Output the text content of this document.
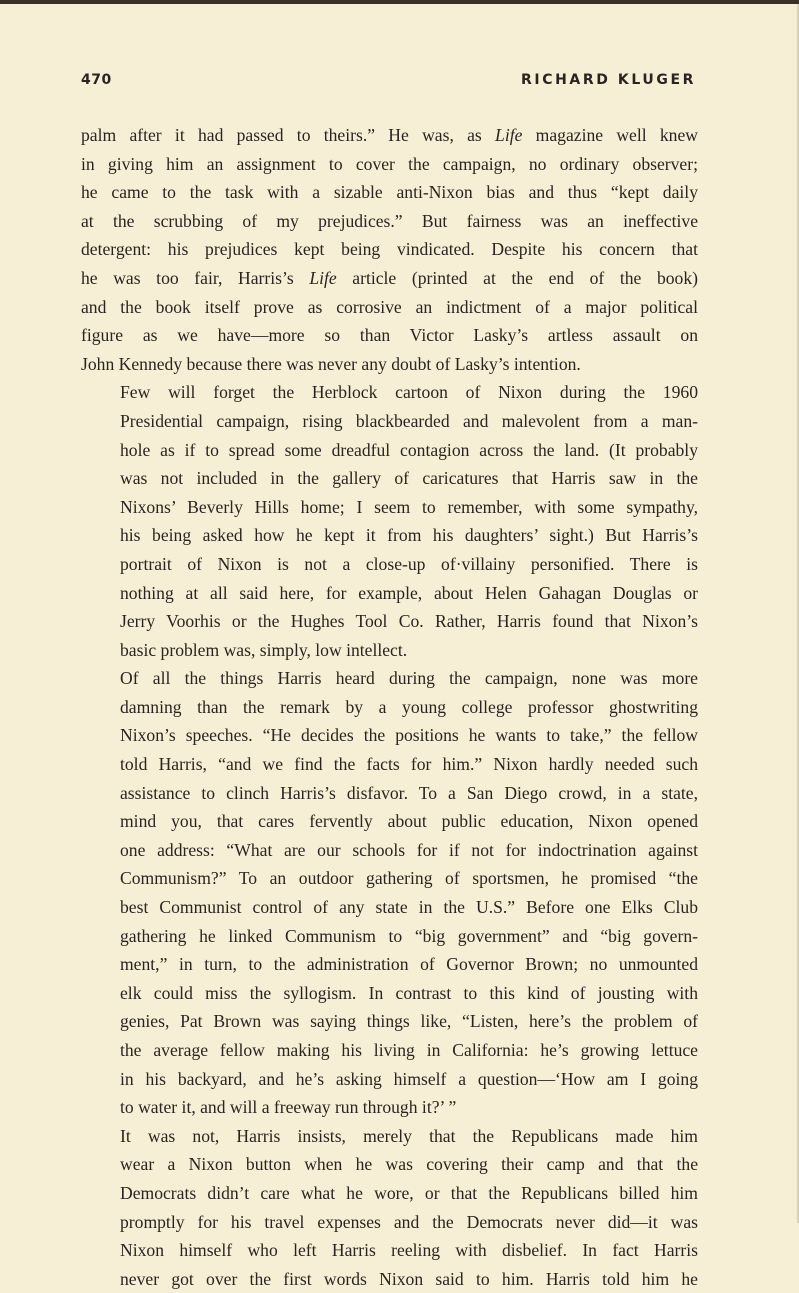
470	RICHARD KLUGER
palm after it had passed to theirs.” He was, as Life magazine well knew
in giving him an assignment to cover the campaign, no ordinary observer;
he came to the task with a sizable anti-Nixon bias and thus “kept daily
at the scrubbing of my prejudices.” But fairness was an ineffective
detergent: his prejudices kept being vindicated. Despite his concern that
he was too fair, Harris’s Life article (printed at the end of the book)
and the book itself prove as corrosive an indictment of a major political
figure as we have—more so than Victor Lasky’s artless assault on
John Kennedy because there was never any doubt of Lasky’s intention.
Few will forget the Herblock cartoon of Nixon during the 1960
Presidential campaign, rising blackbearded and malevolent from a man-
hole as if to spread some dreadful contagion across the land. (It probably
was not included in the gallery of caricatures that Harris saw in the
Nixons’ Beverly Hills home; I seem to remember, with some sympathy,
his being asked how he kept it from his daughters’ sight.) But Harris’s
portrait of Nixon is not a close-up of·villainy personified. There is
nothing at all said here, for example, about Helen Gahagan Douglas or
Jerry Voorhis or the Hughes Tool Co. Rather, Harris found that Nixon’s
basic problem was, simply, low intellect.
Of all the things Harris heard during the campaign, none was more
damning than the remark by a young college professor ghostwriting
Nixon’s speeches. “He decides the positions he wants to take,” the fellow
told Harris, “and we find the facts for him.” Nixon hardly needed such
assistance to clinch Harris’s disfavor. To a San Diego crowd, in a state,
mind you, that cares fervently about public education, Nixon opened
one address: “What are our schools for if not for indoctrination against
Communism?” To an outdoor gathering of sportsmen, he promised “the
best Communist control of any state in the U.S.” Before one Elks Club
gathering he linked Communism to “big government” and “big govern-
ment,” in turn, to the administration of Governor Brown; no unmounted
elk could miss the syllogism. In contrast to this kind of jousting with
genies, Pat Brown was saying things like, “Listen, here’s the problem of
the average fellow making his living in California: he’s growing lettuce
in his backyard, and he’s asking himself a question—‘How am I going
to water it, and will a freeway run through it?’ ”
It was not, Harris insists, merely that the Republicans made him
wear a Nixon button when he was covering their camp and that the
Democrats didn’t care what he wore, or that the Republicans billed him
promptly for his travel expenses and the Democrats never did—it was
Nixon himself who left Harris reeling with disbelief. In fact Harris
never got over the first words Nixon said to him. Harris told him he
